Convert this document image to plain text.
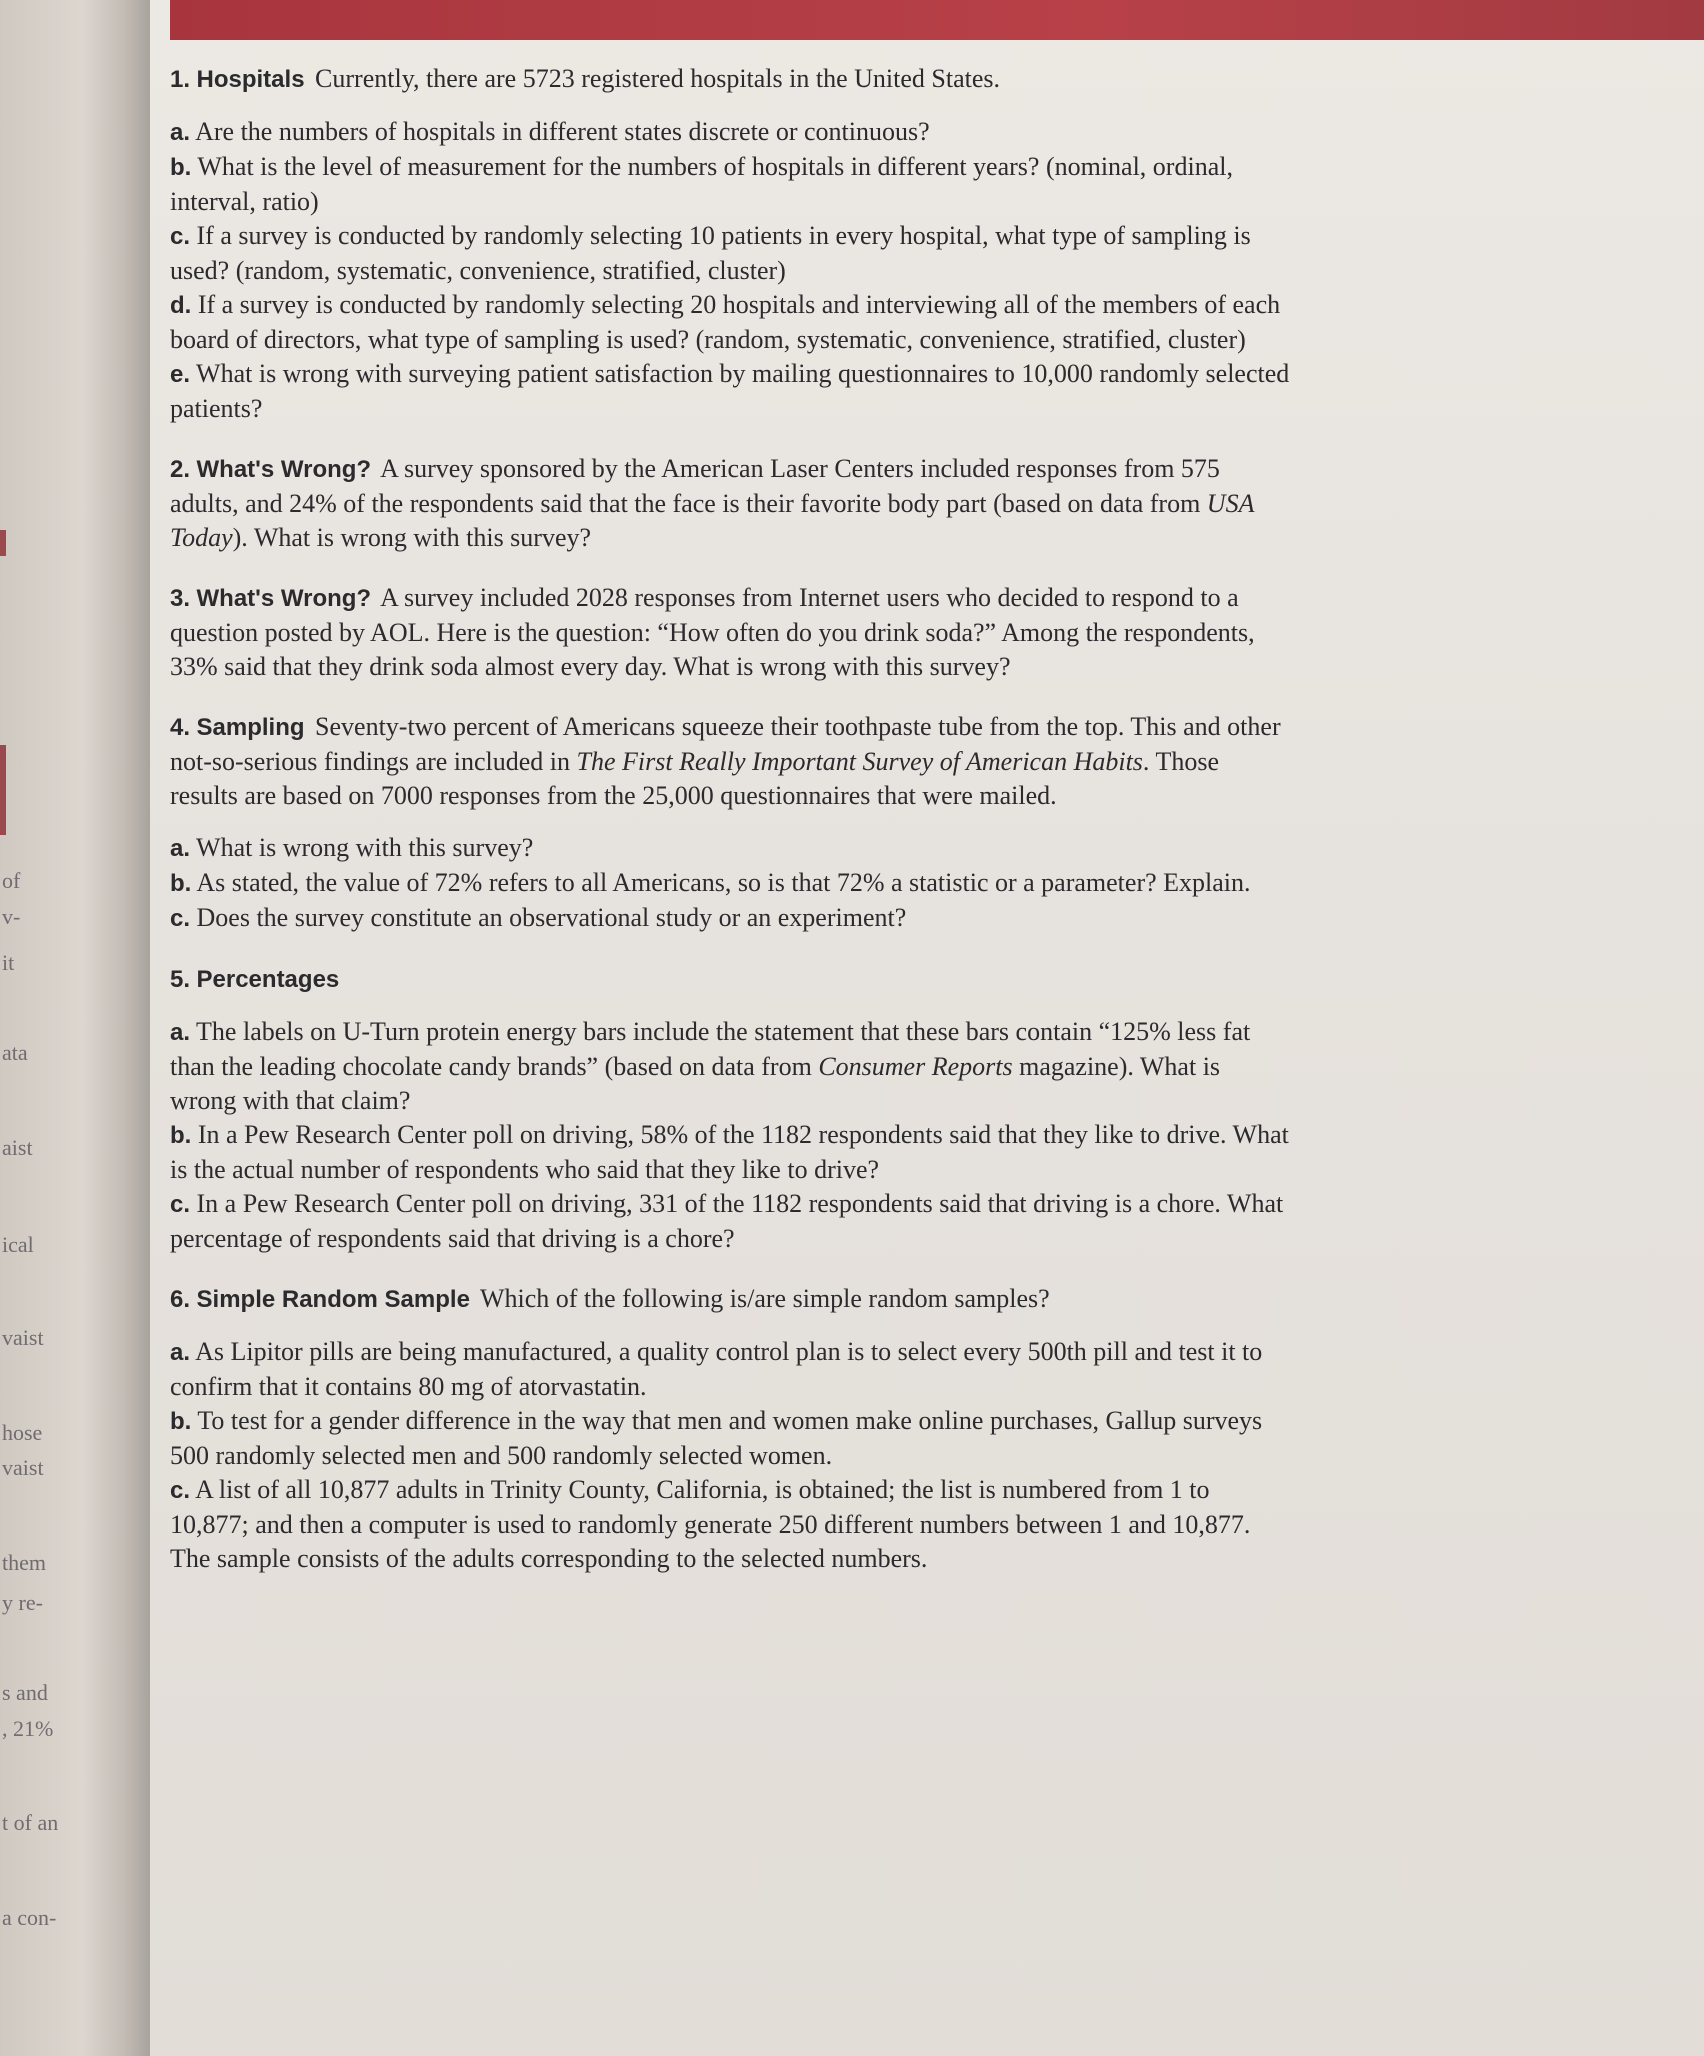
of
v-
it
ata
aist
ical
vaist
hose
vaist
them
y re-
s and
, 21%
t of an
a con-

1. Hospitals Currently, there are 5723 registered hospitals in the United States.

a. Are the numbers of hospitals in different states discrete or continuous?

b. What is the level of measurement for the numbers of hospitals in different years? (nominal, ordinal, interval, ratio)

c. If a survey is conducted by randomly selecting 10 patients in every hospital, what type of sampling is used? (random, systematic, convenience, stratified, cluster)

d. If a survey is conducted by randomly selecting 20 hospitals and interviewing all of the members of each board of directors, what type of sampling is used? (random, systematic, convenience, stratified, cluster)

e. What is wrong with surveying patient satisfaction by mailing questionnaires to 10,000 randomly selected patients?

2. What's Wrong? A survey sponsored by the American Laser Centers included responses from 575 adults, and 24% of the respondents said that the face is their favorite body part (based on data from USA Today). What is wrong with this survey?

3. What's Wrong? A survey included 2028 responses from Internet users who decided to respond to a question posted by AOL. Here is the question: “How often do you drink soda?” Among the respondents, 33% said that they drink soda almost every day. What is wrong with this survey?

4. Sampling Seventy-two percent of Americans squeeze their toothpaste tube from the top. This and other not-so-serious findings are included in The First Really Important Survey of American Habits. Those results are based on 7000 responses from the 25,000 questionnaires that were mailed.

a. What is wrong with this survey?

b. As stated, the value of 72% refers to all Americans, so is that 72% a statistic or a parameter? Explain.

c. Does the survey constitute an observational study or an experiment?

5. Percentages

a. The labels on U-Turn protein energy bars include the statement that these bars contain “125% less fat than the leading chocolate candy brands” (based on data from Consumer Reports magazine). What is wrong with that claim?

b. In a Pew Research Center poll on driving, 58% of the 1182 respondents said that they like to drive. What is the actual number of respondents who said that they like to drive?

c. In a Pew Research Center poll on driving, 331 of the 1182 respondents said that driving is a chore. What percentage of respondents said that driving is a chore?

6. Simple Random Sample Which of the following is/are simple random samples?

a. As Lipitor pills are being manufactured, a quality control plan is to select every 500th pill and test it to confirm that it contains 80 mg of atorvastatin.

b. To test for a gender difference in the way that men and women make online purchases, Gallup surveys 500 randomly selected men and 500 randomly selected women.

c. A list of all 10,877 adults in Trinity County, California, is obtained; the list is numbered from 1 to 10,877; and then a computer is used to randomly generate 250 different numbers between 1 and 10,877. The sample consists of the adults corresponding to the selected numbers.
